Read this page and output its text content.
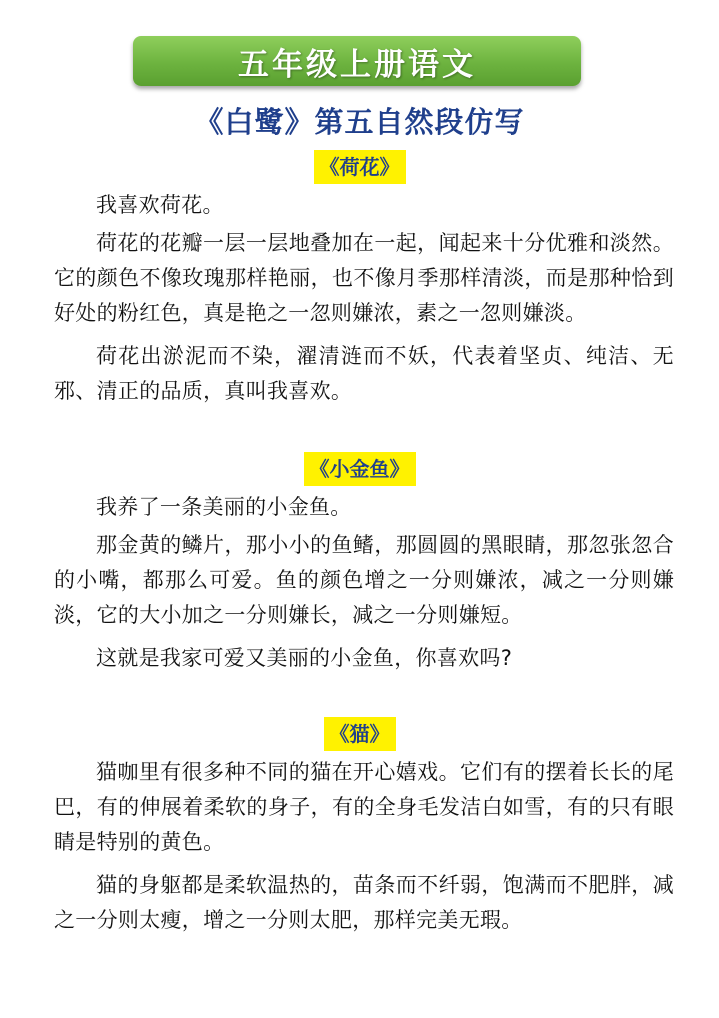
五年级上册语文
《白鹭》第五自然段仿写
《荷花》

我喜欢荷花。

荷花的花瓣一层一层地叠加在一起，闻起来十分优雅和淡然。它的颜色不像玫瑰那样艳丽，也不像月季那样清淡，而是那种恰到好处的粉红色，真是艳之一忽则嫌浓，素之一忽则嫌淡。

荷花出淤泥而不染，濯清涟而不妖，代表着坚贞、纯洁、无邪、清正的品质，真叫我喜欢。

《小金鱼》

我养了一条美丽的小金鱼。

那金黄的鳞片，那小小的鱼鳍，那圆圆的黑眼睛，那忽张忽合的小嘴，都那么可爱。鱼的颜色增之一分则嫌浓，减之一分则嫌淡，它的大小加之一分则嫌长，减之一分则嫌短。

这就是我家可爱又美丽的小金鱼，你喜欢吗?

《猫》

猫咖里有很多种不同的猫在开心嬉戏。它们有的摆着长长的尾巴，有的伸展着柔软的身子，有的全身毛发洁白如雪，有的只有眼睛是特别的黄色。

猫的身躯都是柔软温热的，苗条而不纤弱，饱满而不肥胖，减之一分则太瘦，增之一分则太肥，那样完美无瑕。
